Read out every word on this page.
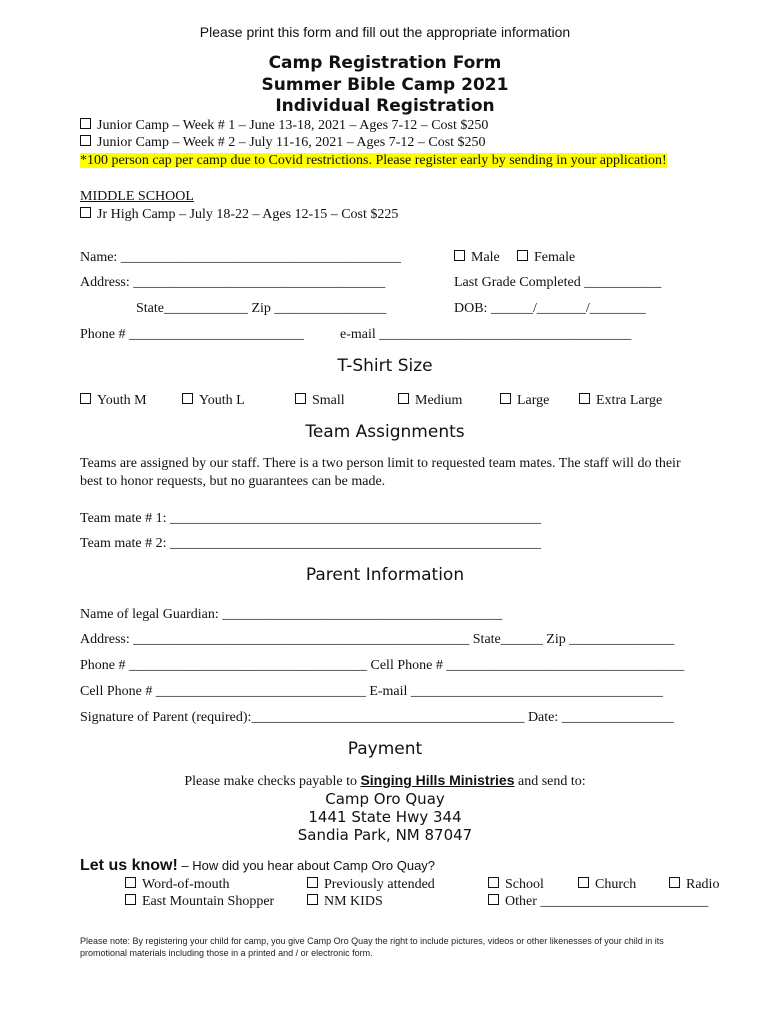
Please print this form and fill out the appropriate information
Camp Registration Form
Summer Bible Camp 2021
Individual Registration
Junior Camp – Week # 1 – June 13-18, 2021 – Ages 7-12 – Cost $250
Junior Camp – Week # 2 – July 11-16, 2021 – Ages 7-12 – Cost $250
*100 person cap per camp due to Covid restrictions. Please register early by sending in your application!
MIDDLE SCHOOL
Jr High Camp – July 18-22 – Ages 12-15 – Cost $225
Name: ________________________________________	Male	Female
Address: ____________________________________	Last Grade Completed ___________
State____________ Zip ________________	DOB: ______/_______/________
Phone # _________________________	e-mail ____________________________________
T-Shirt Size
Youth M	Youth L	Small	Medium	Large	Extra Large
Team Assignments
Teams are assigned by our staff. There is a two person limit to requested team mates. The staff will do their
best to honor requests, but no guarantees can be made.
Team mate # 1: _____________________________________________________
Team mate # 2: _____________________________________________________
Parent Information
Name of legal Guardian: ________________________________________
Address: ________________________________________________ State______ Zip _______________
Phone # __________________________________ Cell Phone # __________________________________
Cell Phone # ______________________________ E-mail ____________________________________
Signature of Parent (required):_______________________________________ Date: ________________
Payment
Please make checks payable to Singing Hills Ministries and send to:
Camp Oro Quay
1441 State Hwy 344
Sandia Park, NM 87047
Let us know! – How did you hear about Camp Oro Quay?
Word-of-mouth	Previously attended	School	Church	Radio
East Mountain Shopper	NM KIDS	Other ________________________
Please note: By registering your child for camp, you give Camp Oro Quay the right to include pictures, videos or other likenesses of your child in its
promotional materials including those in a printed and / or electronic form.
